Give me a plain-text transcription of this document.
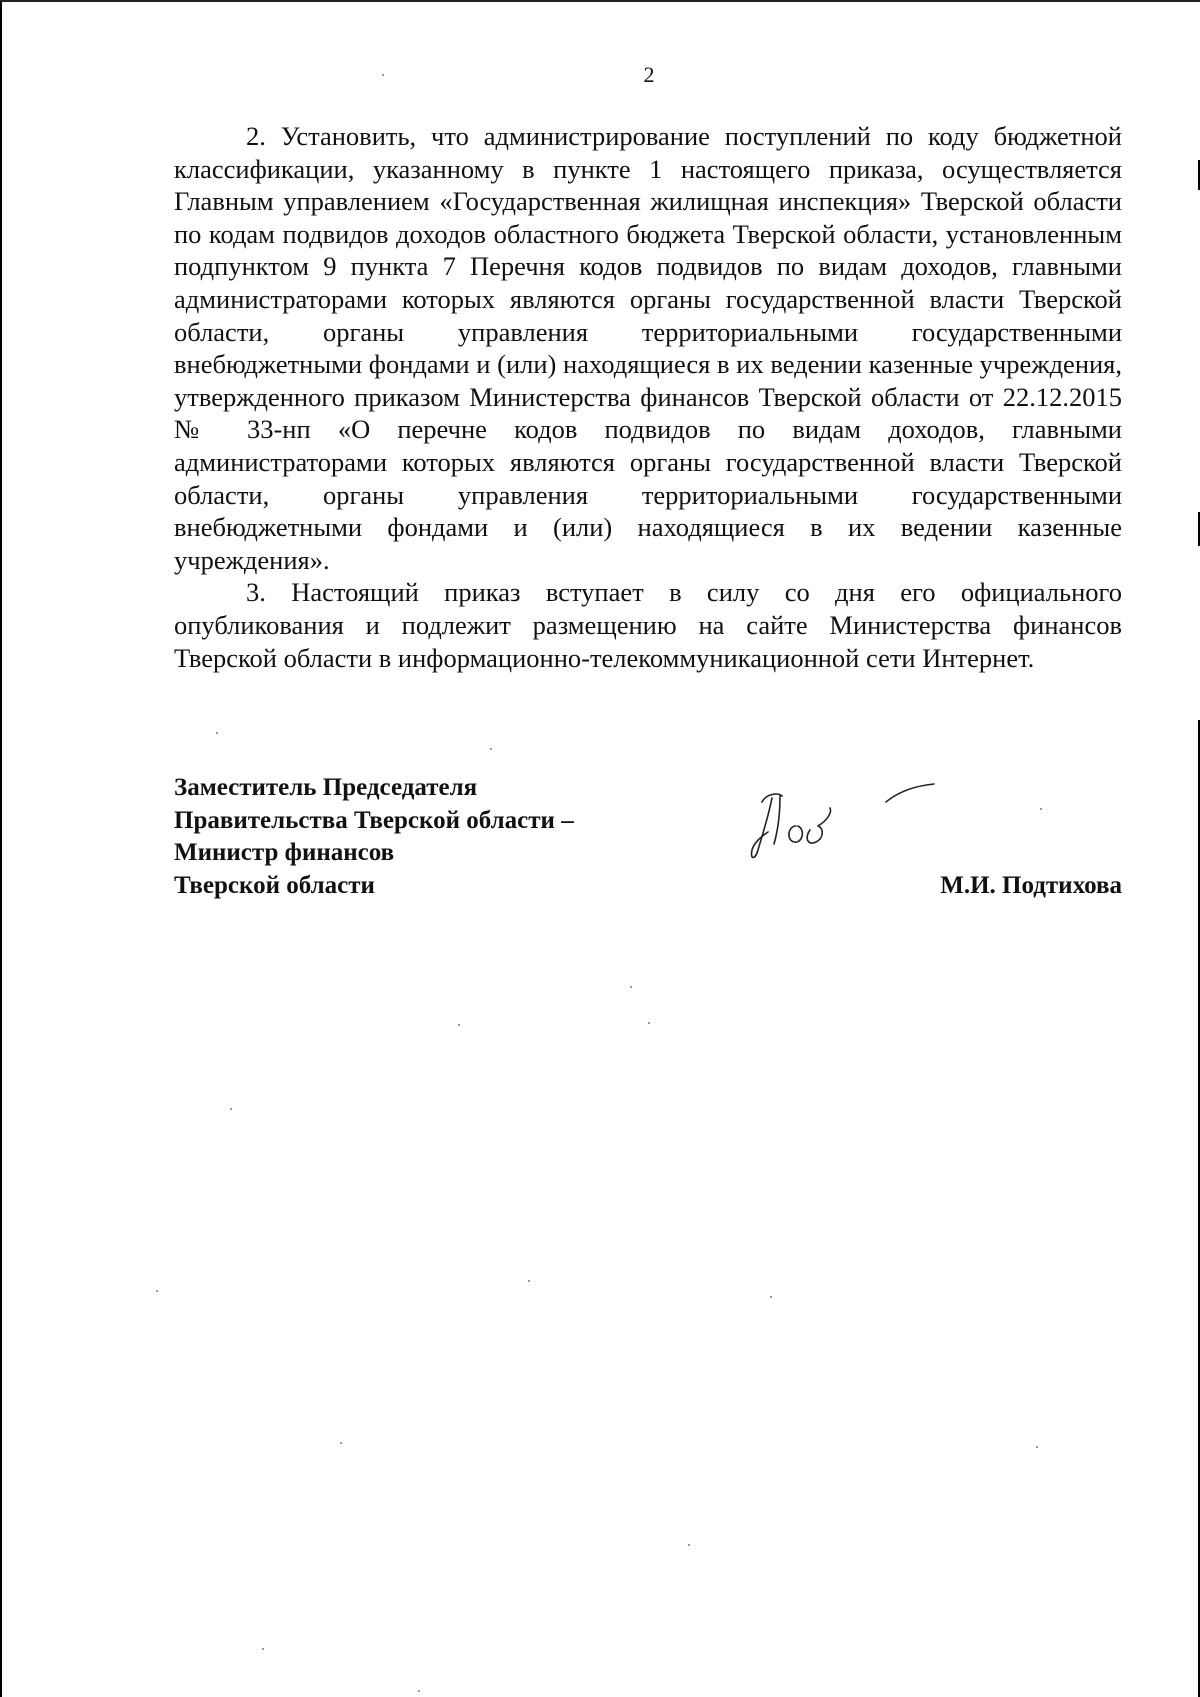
2

2. Установить, что администрирование поступлений по коду бюджетной классификации, указанному в пункте 1 настоящего приказа, осуществляется Главным управлением «Государственная жилищная инспекция» Тверской области по кодам подвидов доходов областного бюджета Тверской области, установленным подпунктом 9 пункта 7 Перечня кодов подвидов по видам доходов, главными администраторами которых являются органы государственной власти Тверской области, органы управления территориальными государственными внебюджетными фондами и (или) находящиеся в их ведении казенные учреждения, утвержденного приказом Министерства финансов Тверской области от 22.12.2015 № 33-нп «О перечне кодов подвидов по видам доходов, главными администраторами которых являются органы государственной власти Тверской области, органы управления территориальными государственными внебюджетными фондами и (или) находящиеся в их ведении казенные учреждения».

3. Настоящий приказ вступает в силу со дня его официального опубликования и подлежит размещению на сайте Министерства финансов Тверской области в информационно-телекоммуникационной сети Интернет.

Заместитель Председателя
Правительства Тверской области –
Министр финансов
Тверской области	М.И. Подтихова
